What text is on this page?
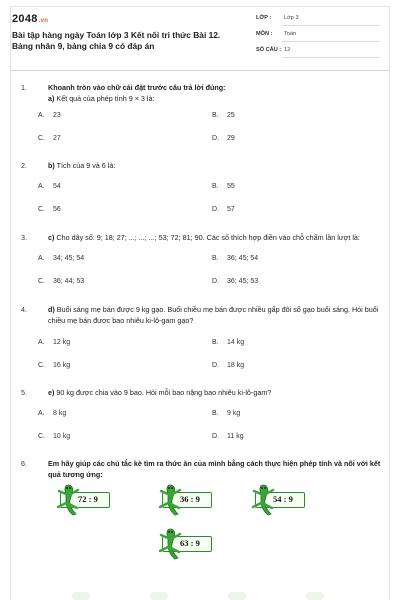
2048.vn
Bài tập hàng ngày Toán lớp 3 Kết nối tri thức Bài 12. Bảng nhân 9, bảng chia 9 có đáp án
LỚP : Lớp 3
MÔN : Toán
SỐ CÂU : 12
1.	Khoanh tròn vào chữ cái đặt trước câu trả lời đúng:
a) Kết quả của phép tính 9 × 3 là:
A. 23	B. 25
C. 27	D. 29
2.	b) Tích của 9 và 6 là:
A. 54	B. 55
C. 56	D. 57
3.	c) Cho dãy số: 9; 18; 27; ...; ...; ...; 53; 72; 81; 90. Các số thích hợp điền vào chỗ chấm lần lượt là:
A. 34; 45; 54	B. 36; 45; 54
C. 36; 44; 53	D. 36; 45; 53
4.	d) Buổi sáng mẹ bán được 9 kg gạo. Buổi chiều mẹ bán được nhiều gấp đôi số gạo buổi sáng. Hỏi buổi chiều mẹ bán được bao nhiêu ki-lô-gam gạo?
A. 12 kg	B. 14 kg
C. 16 kg	D. 18 kg
5.	e) 90 kg được chia vào 9 bao. Hỏi mỗi bao nặng bao nhiêu ki-lô-gam?
A. 8 kg	B. 9 kg
C. 10 kg	D. 11 kg
6.	Em hãy giúp các chú tắc kè tìm ra thức ăn của mình bằng cách thực hiện phép tính và nối với kết quả tương ứng:
72 : 9	36 : 9	54 : 9
63 : 9
